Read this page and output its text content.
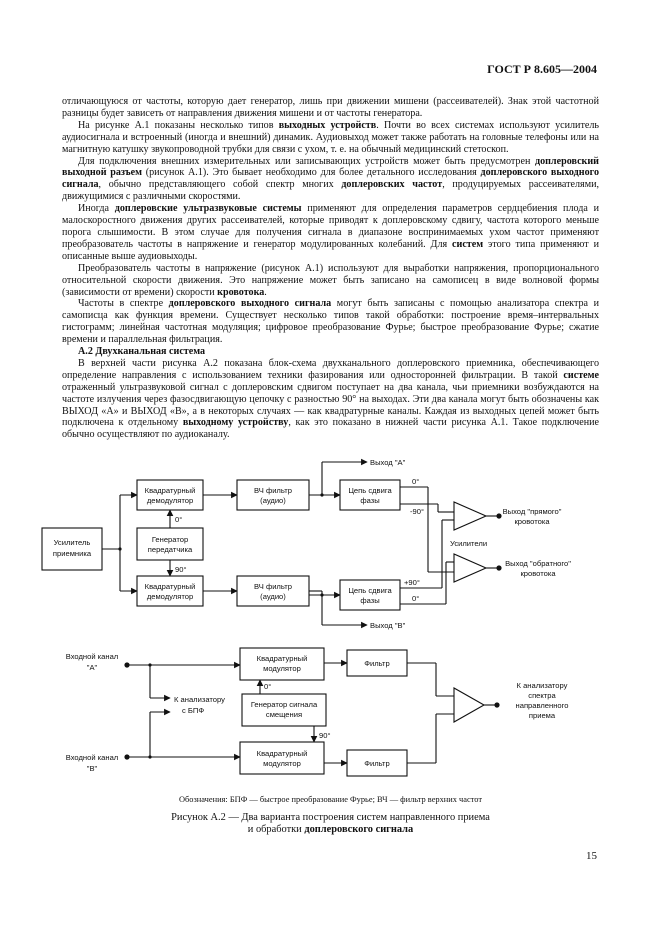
ГОСТ Р 8.605—2004

отличающуюся от частоты, которую дает генератор, лишь при движении мишени (рассеивателей). Знак этой частотной разницы будет зависеть от направления движения мишени и от частоты генератора.

На рисунке А.1 показаны несколько типов выходных устройств. Почти во всех системах используют усилитель аудиосигнала и встроенный (иногда и внешний) динамик. Аудиовыход может также работать на головные телефоны или на магнитную катушку звукопроводной трубки для связи с ухом, т. е. на обычный медицинский стетоскоп.

Для подключения внешних измерительных или записывающих устройств может быть предусмотрен доплеровский выходной разъем (рисунок А.1). Это бывает необходимо для более детального исследования доплеровского выходного сигнала, обычно представляющего собой спектр многих доплеровских частот, продуцируемых рассеивателями, движущимися с различными скоростями.

Иногда доплеровские ультразвуковые системы применяют для определения параметров сердцебиения плода и малоскоростного движения других рассеивателей, которые приводят к доплеровскому сдвигу, частота которого меньше порога слышимости. В этом случае для получения сигнала в диапазоне воспринимаемых ухом частот применяют преобразователь частоты в напряжение и генератор модулированных колебаний. Для систем этого типа применяют и описанные выше аудиовыходы.

Преобразователь частоты в напряжение (рисунок А.1) используют для выработки напряжения, пропорционального относительной скорости движения. Это напряжение может быть записано на самописец в виде волновой формы (зависимости от времени) скорости кровотока.

Частоты в спектре доплеровского выходного сигнала могут быть записаны с помощью анализатора спектра и самописца как функция времени. Существует несколько типов такой обработки: построение время–интервальных гистограмм; линейная частотная модуляция; цифровое преобразование Фурье; быстрое преобразование Фурье; сжатие времени и параллельная фильтрация.

А.2 Двухканальная система

В верхней части рисунка А.2 показана блок-схема двухканального доплеровского приемника, обеспечивающего определение направления с использованием техники фазирования или односторонней фильтрации. В такой системе отраженный ультразвуковой сигнал с доплеровским сдвигом поступает на два канала, чьи приемники возбуждаются на частоте излучения через фазосдвигающую цепочку с разностью 90° на выходах. Эти два канала могут быть обозначены как ВЫХОД «А» и ВЫХОД «В», а в некоторых случаях — как квадратурные каналы. Каждая из выходных цепей может быть подключена к отдельному выходному устройству, как это показано в нижней части рисунка А.1. Такое подключение обычно осуществляют по аудиоканалу.

Усилитель
приемника
Квадратурный
демодулятор
Квадратурный
демодулятор
Генератор
передатчика
ВЧ фильтр
(аудио)
ВЧ фильтр
(аудио)
Цепь сдвига
фазы
Цепь сдвига
фазы
0°
90°
Выход "А"
Выход "В"
0°
-90°
+90°
0°
Усилители
Выход "прямого"
кровотока
Выход "обратного"
кровотока
Входной канал
"А"
Входной канал
"В"
К анализатору
с БПФ
Квадратурный
модулятор
Квадратурный
модулятор
Генератор сигнала
смещения
Фильтр
Фильтр
0°
90°
К анализатору
спектра
направленного
приема
Обозначения: БПФ — быстрое преобразование Фурье; ВЧ — фильтр верхних частот
Рисунок А.2 — Два варианта построения систем направленного приема
и обработки доплеровского сигнала
15
